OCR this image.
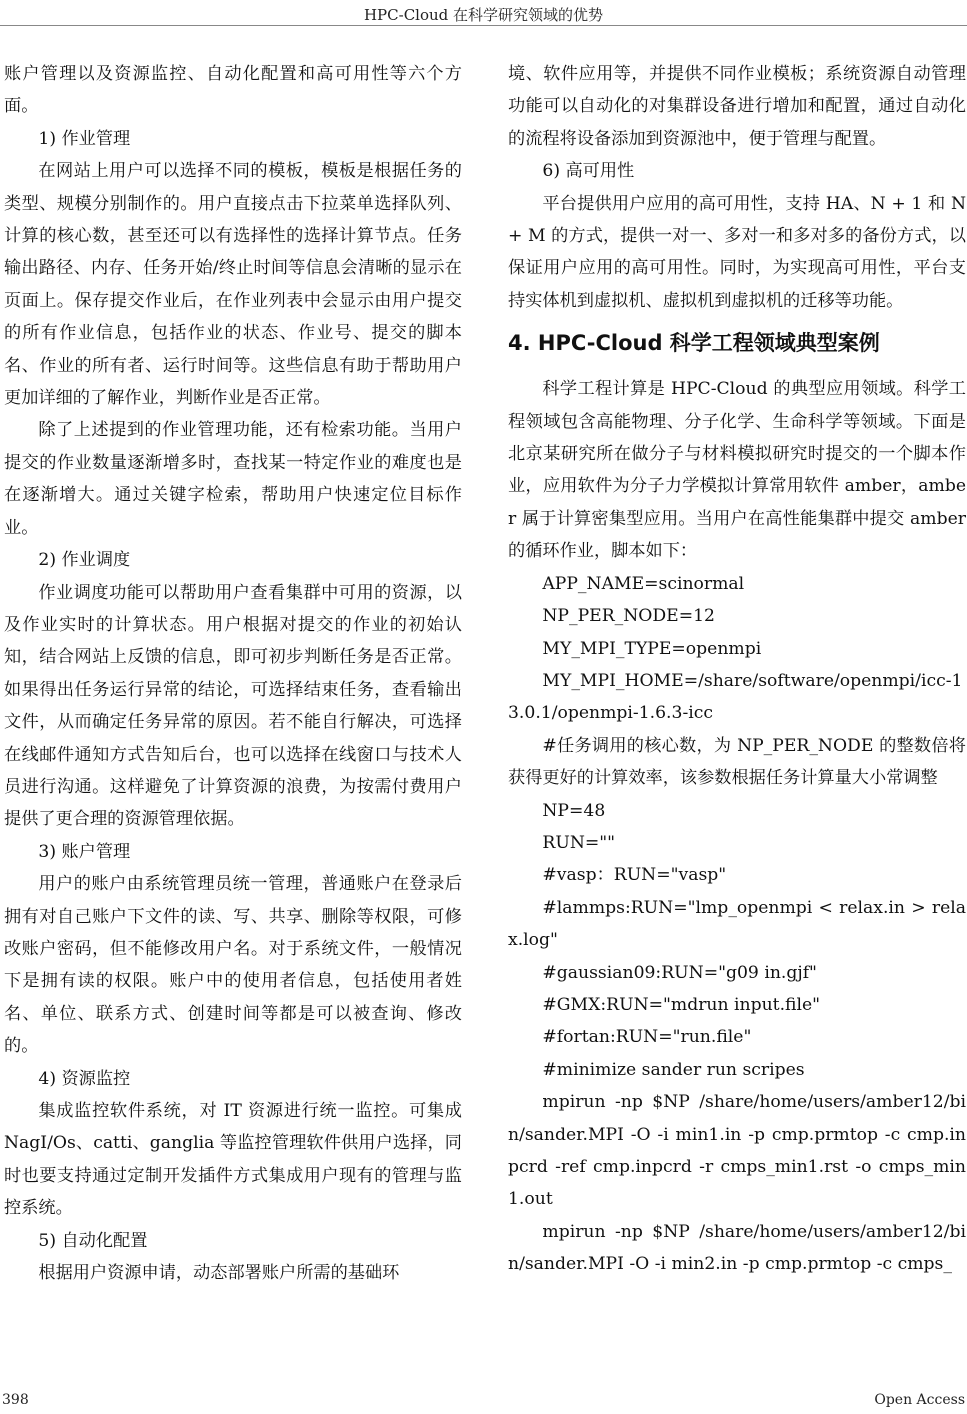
HPC-Cloud 在科学研究领域的优势

账户管理以及资源监控、自动化配置和高可用性等六个方面。

1) 作业管理

在网站上用户可以选择不同的模板，模板是根据任务的类型、规模分别制作的。用户直接点击下拉菜单选择队列、计算的核心数，甚至还可以有选择性的选择计算节点。任务输出路径、内存、任务开始/终止时间等信息会清晰的显示在页面上。保存提交作业后，在作业列表中会显示由用户提交的所有作业信息，包括作业的状态、作业号、提交的脚本名、作业的所有者、运行时间等。这些信息有助于帮助用户更加详细的了解作业，判断作业是否正常。

除了上述提到的作业管理功能，还有检索功能。当用户提交的作业数量逐渐增多时，查找某一特定作业的难度也是在逐渐增大。通过关键字检索，帮助用户快速定位目标作业。

2) 作业调度

作业调度功能可以帮助用户查看集群中可用的资源，以及作业实时的计算状态。用户根据对提交的作业的初始认知，结合网站上反馈的信息，即可初步判断任务是否正常。如果得出任务运行异常的结论，可选择结束任务，查看输出文件，从而确定任务异常的原因。若不能自行解决，可选择在线邮件通知方式告知后台，也可以选择在线窗口与技术人员进行沟通。这样避免了计算资源的浪费，为按需付费用户提供了更合理的资源管理依据。

3) 账户管理

用户的账户由系统管理员统一管理，普通账户在登录后拥有对自己账户下文件的读、写、共享、删除等权限，可修改账户密码，但不能修改用户名。对于系统文件，一般情况下是拥有读的权限。账户中的使用者信息，包括使用者姓名、单位、联系方式、创建时间等都是可以被查询、修改的。

4) 资源监控

集成监控软件系统，对 IT 资源进行统一监控。可集成 NagI/Os、catti、ganglia 等监控管理软件供用户选择，同时也要支持通过定制开发插件方式集成用户现有的管理与监控系统。

5) 自动化配置

根据用户资源申请，动态部署账户所需的基础环

境、软件应用等，并提供不同作业模板；系统资源自动管理功能可以自动化的对集群设备进行增加和配置，通过自动化的流程将设备添加到资源池中，便于管理与配置。

6) 高可用性

平台提供用户应用的高可用性，支持 HA、N + 1 和 N + M 的方式，提供一对一、多对一和多对多的备份方式，以保证用户应用的高可用性。同时，为实现高可用性，平台支持实体机到虚拟机、虚拟机到虚拟机的迁移等功能。

4. HPC-Cloud 科学工程领域典型案例

科学工程计算是 HPC-Cloud 的典型应用领域。科学工程领域包含高能物理、分子化学、生命科学等领域。下面是北京某研究所在做分子与材料模拟研究时提交的一个脚本作业，应用软件为分子力学模拟计算常用软件 amber，amber 属于计算密集型应用。当用户在高性能集群中提交 amber 的循环作业，脚本如下：

APP_NAME=scinormal

NP_PER_NODE=12

MY_MPI_TYPE=openmpi

MY_MPI_HOME=/share/software/openmpi/icc-13.0.1/openmpi-1.6.3-icc

#任务调用的核心数，为 NP_PER_NODE 的整数倍将获得更好的计算效率，该参数根据任务计算量大小常调整

NP=48

RUN=""

#vasp：RUN="vasp"

#lammps:RUN="lmp_openmpi < relax.in > relax.log"

#gaussian09:RUN="g09 in.gjf"

#GMX:RUN="mdrun input.file"

#fortan:RUN="run.file"

#minimize sander run scripes

mpirun -np $NP /share/home/users/amber12/bin/sander.MPI -O -i min1.in -p cmp.prmtop -c cmp.inpcrd -ref cmp.inpcrd -r cmps_min1.rst -o cmps_min1.out

mpirun -np $NP /share/home/users/amber12/bin/sander.MPI -O -i min2.in -p cmp.prmtop -c cmps_

398	Open Access
